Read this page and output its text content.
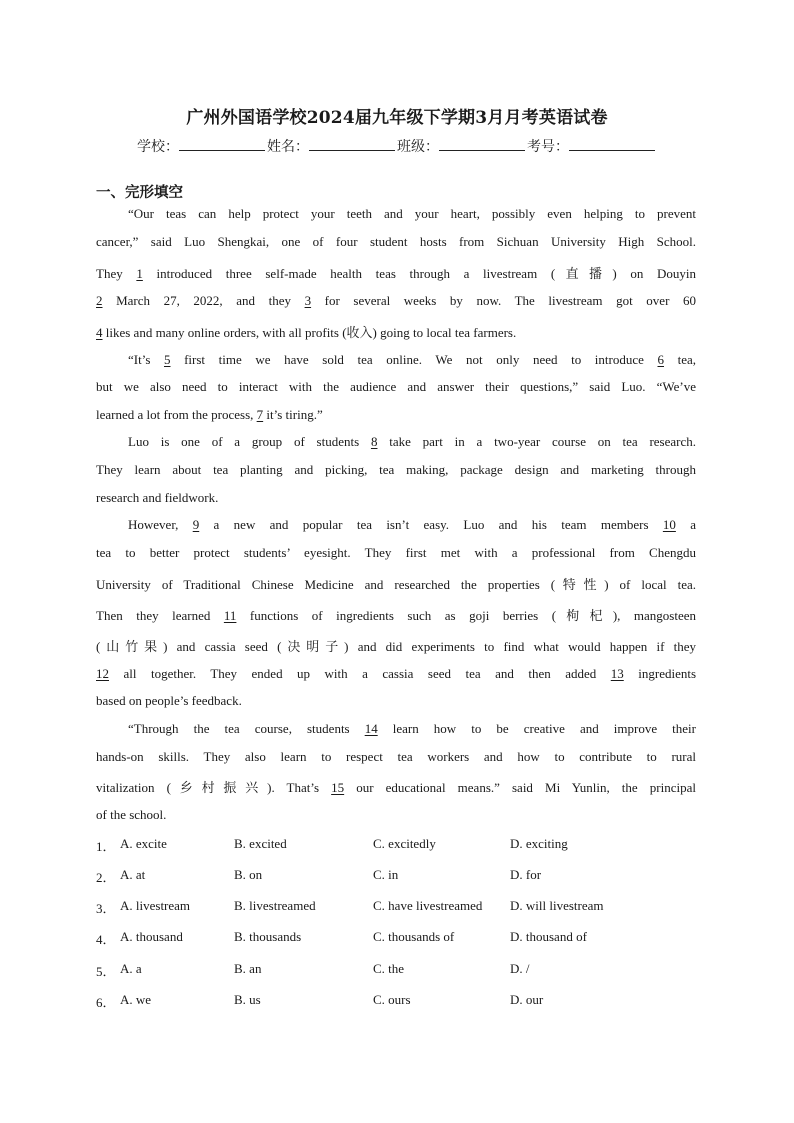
广州外国语学校2024届九年级下学期3月月考英语试卷
学校：	姓名：	班级：	考号：
一、完形填空
“Our teas can help protect your teeth and your heart, possibly even helping to prevent
cancer,” said Luo Shengkai, one of four student hosts from Sichuan University High School.
They 1 introduced three self-made health teas through a livestream (直播) on Douyin
2 March 27, 2022, and they 3 for several weeks by now. The livestream got over 60
4 likes and many online orders, with all profits (收入) going to local tea farmers.
“It’s 5 first time we have sold tea online. We not only need to introduce 6 tea,
but we also need to interact with the audience and answer their questions,” said Luo. “We’ve
learned a lot from the process, 7 it’s tiring.”
Luo is one of a group of students 8 take part in a two-year course on tea research.
They learn about tea planting and picking, tea making, package design and marketing through
research and fieldwork.
However, 9 a new and popular tea isn’t easy. Luo and his team members 10 a
tea to better protect students’ eyesight. They first met with a professional from Chengdu
University of Traditional Chinese Medicine and researched the properties (特性) of local tea.
Then they learned 11 functions of ingredients such as goji berries (枸杞), mangosteen
(山竹果) and cassia seed (决明子) and did experiments to find what would happen if they
12 all together. They ended up with a cassia seed tea and then added 13 ingredients
based on people’s feedback.
“Through the tea course, students 14 learn how to be creative and improve their
hands-on skills. They also learn to respect tea workers and how to contribute to rural
vitalization (乡村振兴). That’s 15 our educational means.” said Mi Yunlin, the principal
of the school.
1． A. excite	B. excited	C. excitedly	D. exciting
2． A. at	B. on	C. in	D. for
3． A. livestream	B. livestreamed	C. have livestreamed D. will livestream
4． A. thousand	B. thousands	C. thousands of	D. thousand of
5． A. a	B. an	C. the	D. /
6． A. we	B. us	C. ours	D. our
